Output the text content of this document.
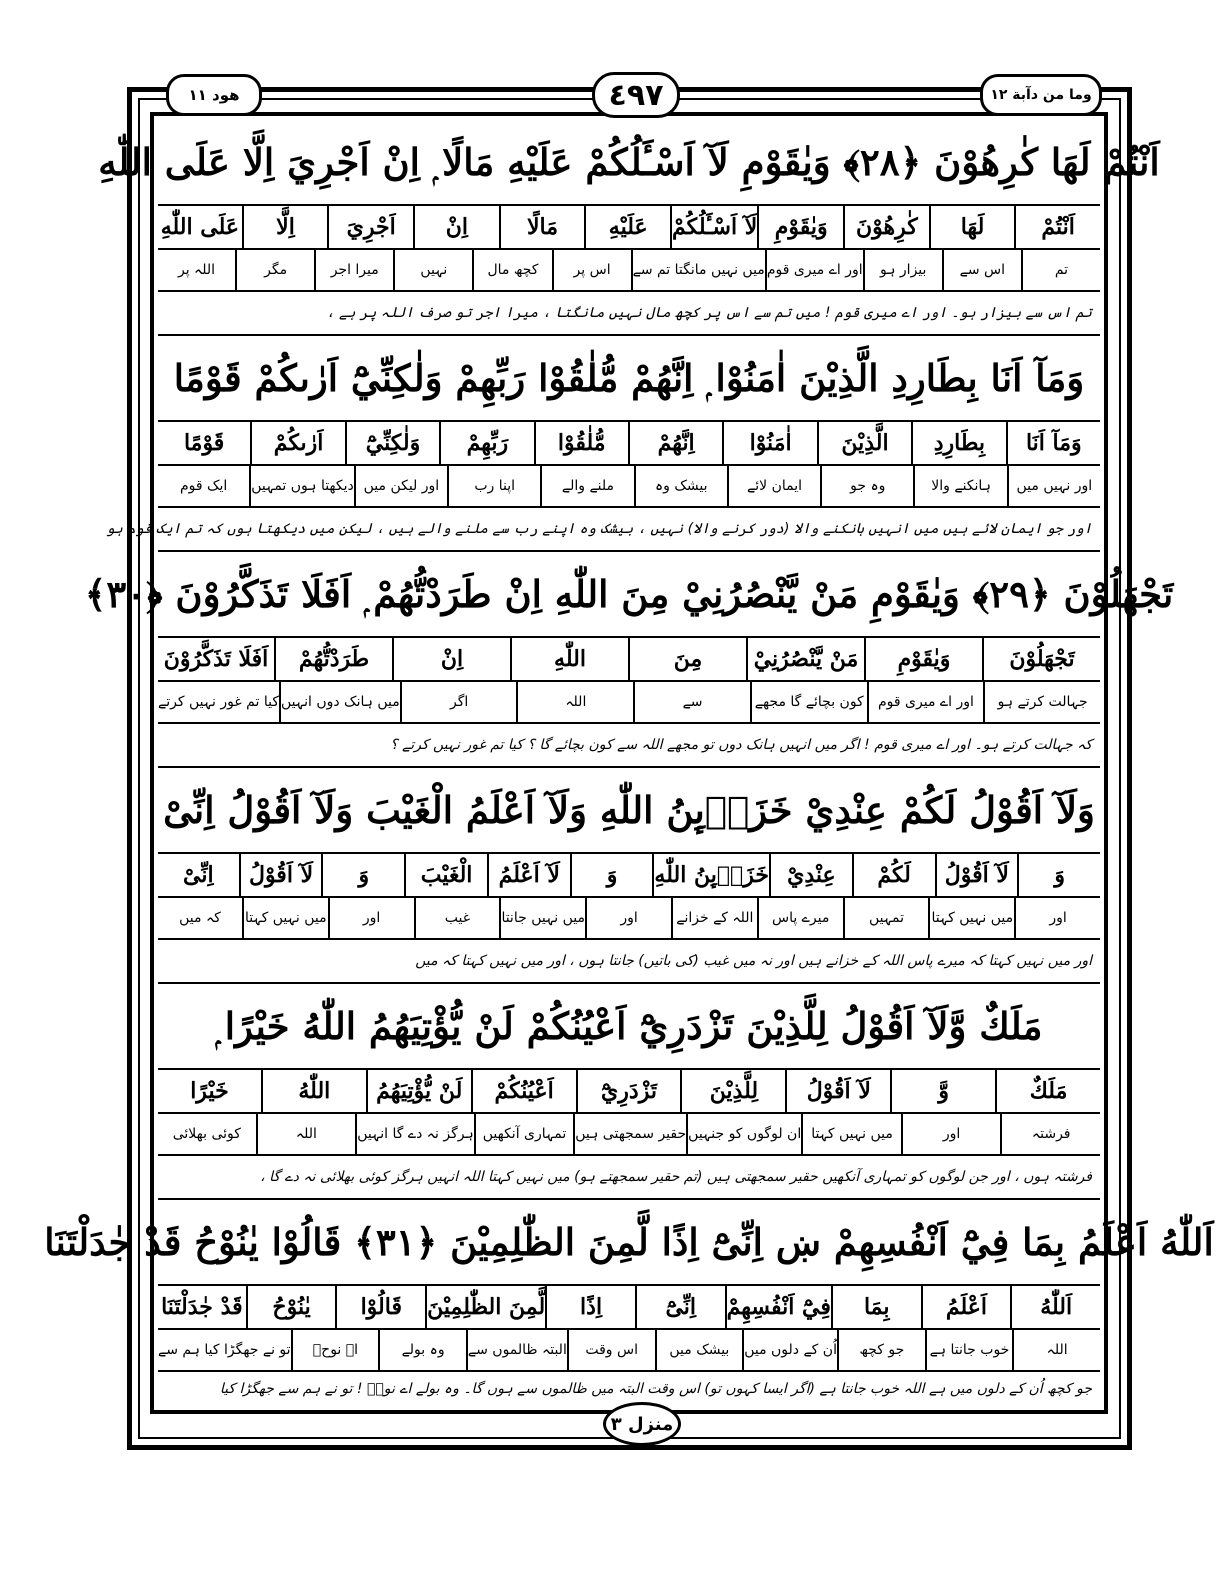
هود ١١	٤٩٧	وما من دآبة ١٢
اَنْتُمْ لَهَا كٰرِهُوْنَ ﴿٢٨﴾ وَيٰقَوْمِ لَآ اَسْـَٔلُكُمْ عَلَيْهِ مَالًا ۭ اِنْ اَجْرِيَ اِلَّا عَلَى اللّٰهِ
اَنْتُمْ
لَهَا
كٰرِهُوْنَ
وَيٰقَوْمِ
لَآ اَسْـَٔلُكُمْ
عَلَيْهِ
مَالًا
اِنْ
اَجْرِيَ
اِلَّا
عَلَى اللّٰهِ
تم
اس سے
بیزار ہو
اور اے میری قوم
میں نہیں مانگتا تم سے
اس پر
کچھ مال
نہیں
میرا اجر
مگر
اللہ پر
تم اس سے بیزار ہو۔ اور اے میری قوم ! میں تم سے اس پر کچھ مال نہیں مانگتا ، میرا اجر تو صرف اللہ پر ہے ،
وَمَآ اَنَا بِطَارِدِ الَّذِيْنَ اٰمَنُوْا ۭ اِنَّهُمْ مُّلٰقُوْا رَبِّهِمْ وَلٰكِنِّيْٓ اَرٰىكُمْ قَوْمًا
وَمَآ اَنَا
بِطَارِدِ
الَّذِيْنَ
اٰمَنُوْا
اِنَّهُمْ
مُّلٰقُوْا
رَبِّهِمْ
وَلٰكِنِّيْٓ
اَرٰىكُمْ
قَوْمًا
اور نہیں میں
ہانکنے والا
وہ جو
ایمان لائے
بیشک وہ
ملنے والے
اپنا رب
اور لیکن میں
دیکھتا ہوں تمہیں
ایک قوم
اور جو ایمان لائے ہیں میں انہیں ہانکنے والا (دور کرنے والا) نہیں ، بیشک وہ اپنے رب سے ملنے والے ہیں ، لیکن میں دیکھتا ہوں کہ تم ایک قوم ہو
تَجْهَلُوْنَ ﴿٢٩﴾ وَيٰقَوْمِ مَنْ يَّنْصُرُنِيْ مِنَ اللّٰهِ اِنْ طَرَدْتُّهُمْ ۭ اَفَلَا تَذَكَّرُوْنَ ﴿٣٠﴾
تَجْهَلُوْنَ
وَيٰقَوْمِ
مَنْ يَّنْصُرُنِيْ
مِنَ
اللّٰهِ
اِنْ
طَرَدْتُّهُمْ
اَفَلَا تَذَكَّرُوْنَ
جہالت کرتے ہو
اور اے میری قوم
کون بچائے گا مجھے
سے
اللہ
اگر
میں ہانک دوں انہیں
کیا تم غور نہیں کرتے
کہ جہالت کرتے ہو۔ اور اے میری قوم ! اگر میں انہیں ہانک دوں تو مجھے اللہ سے کون بچائے گا ؟ کیا تم غور نہیں کرتے ؟
وَلَآ اَقُوْلُ لَكُمْ عِنْدِيْ خَزَاۗىِٕنُ اللّٰهِ وَلَآ اَعْلَمُ الْغَيْبَ وَلَآ اَقُوْلُ اِنِّىْ
وَ
لَآ اَقُوْلُ
لَكُمْ
عِنْدِيْ
خَزَاۗىِٕنُ اللّٰهِ
وَ
لَآ اَعْلَمُ
الْغَيْبَ
وَ
لَآ اَقُوْلُ
اِنِّىْ
اور
میں نہیں کہتا
تمہیں
میرے پاس
اللہ کے خزانے
اور
میں نہیں جانتا
غیب
اور
میں نہیں کہتا
کہ میں
اور میں نہیں کہتا کہ میرے پاس اللہ کے خزانے ہیں اور نہ میں غیب (کی باتیں) جانتا ہوں ، اور میں نہیں کہتا کہ میں
مَلَكٌ وَّلَآ اَقُوْلُ لِلَّذِيْنَ تَزْدَرِيْٓ اَعْيُنُكُمْ لَنْ يُّؤْتِيَهُمُ اللّٰهُ خَيْرًا ۭ
مَلَكٌ
وَّ
لَآ اَقُوْلُ
لِلَّذِيْنَ
تَزْدَرِيْٓ
اَعْيُنُكُمْ
لَنْ يُّؤْتِيَهُمُ
اللّٰهُ
خَيْرًا
فرشتہ
اور
میں نہیں کہتا
ان لوگوں کو جنہیں
حقیر سمجھتی ہیں
تمہاری آنکھیں
ہرگز نہ دے گا انہیں
اللہ
کوئی بھلائی
فرشتہ ہوں ، اور جن لوگوں کو تمہاری آنکھیں حقیر سمجھتی ہیں (تم حقیر سمجھتے ہو) میں نہیں کہتا اللہ انہیں ہرگز کوئی بھلائی نہ دے گا ،
اَللّٰهُ اَعْلَمُ بِمَا فِيْٓ اَنْفُسِهِمْ ښ اِنِّىْٓ اِذًا لَّمِنَ الظّٰلِمِيْنَ ﴿٣١﴾ قَالُوْا يٰنُوْحُ قَدْ جٰدَلْتَنَا
اَللّٰهُ
اَعْلَمُ
بِمَا
فِيْٓ اَنْفُسِهِمْ
اِنِّىْٓ
اِذًا
لَّمِنَ الظّٰلِمِيْنَ
قَالُوْا
يٰنُوْحُ
قَدْ جٰدَلْتَنَا
اللہ
خوب جانتا ہے
جو کچھ
اُن کے دلوں میں
بیشک میں
اس وقت
البتہ ظالموں سے
وہ بولے
اے نوحؑ
تو نے جھگڑا کیا ہم سے
جو کچھ اُن کے دلوں میں ہے اللہ خوب جانتا ہے (اگر ایسا کہوں تو) اس وقت البتہ میں ظالموں سے ہوں گا۔ وہ بولے اے نوحؑ ! تو نے ہم سے جھگڑا کیا
منزل ٣
